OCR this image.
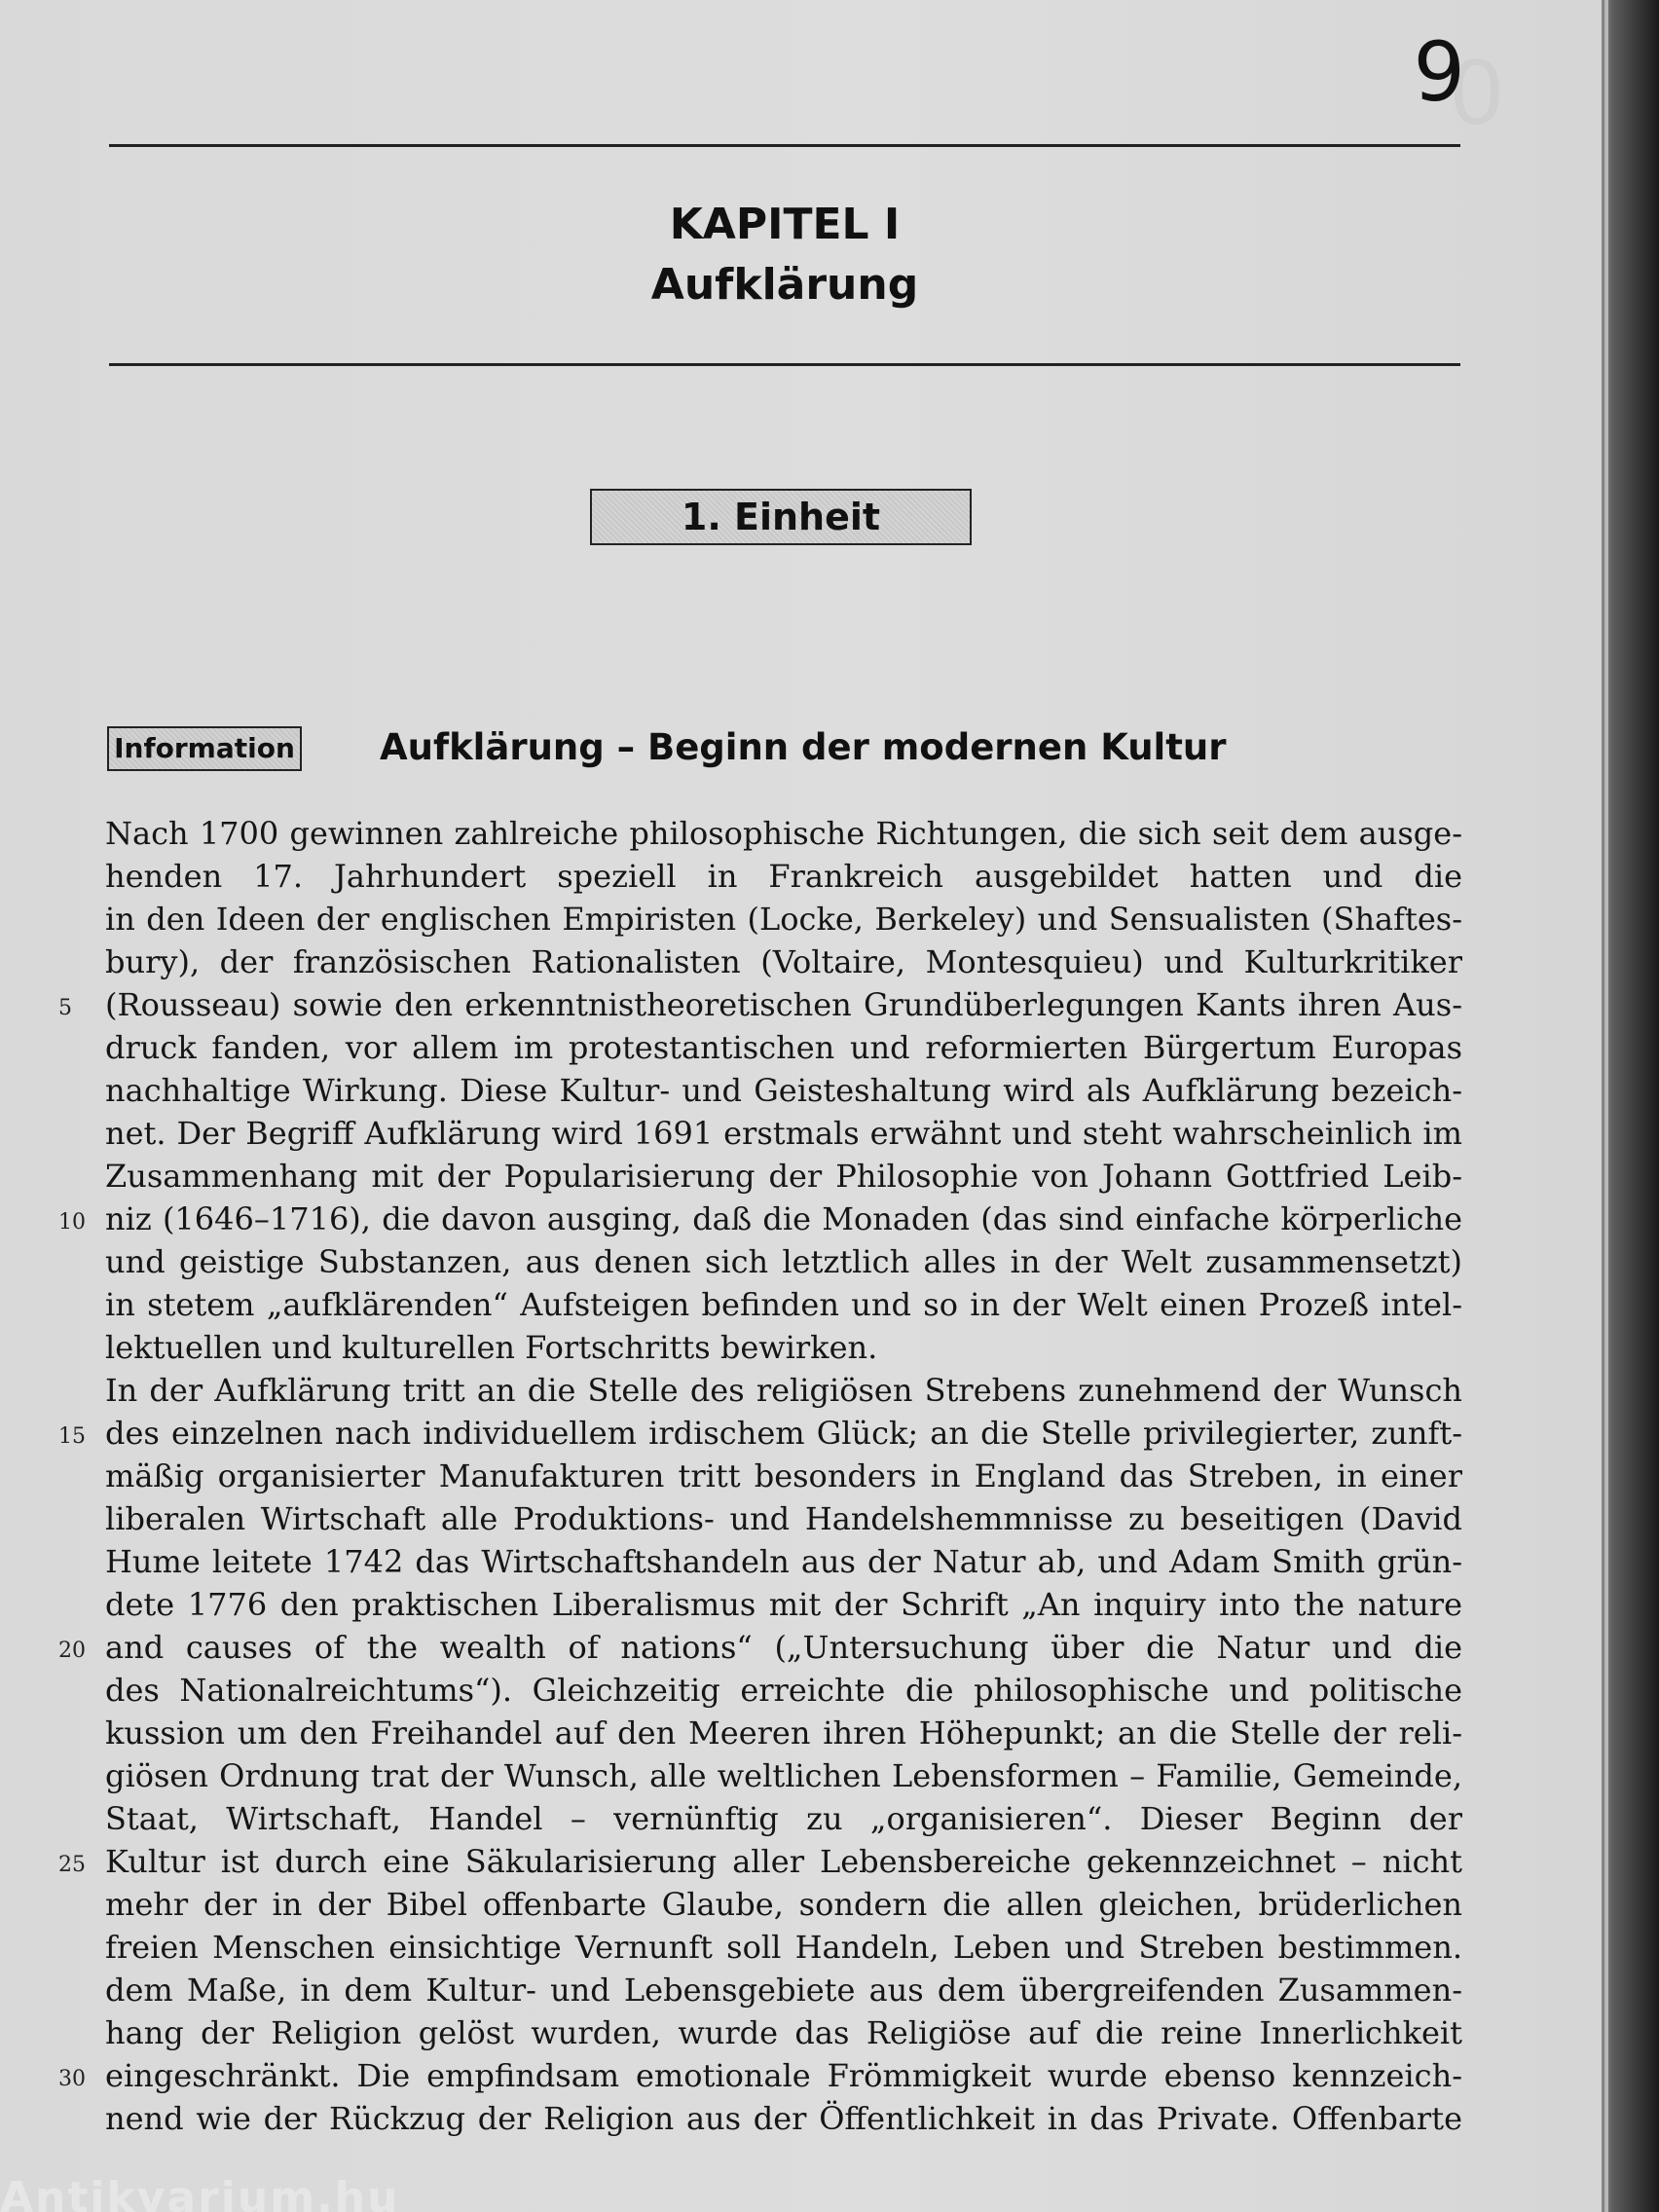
0
9
KAPITEL I
Aufklärung
1. Einheit
Information Aufklärung – Beginn der modernen Kultur
Nach 1700 gewinnen zahlreiche philosophische Richtungen, die sich seit dem ausge-
henden 17. Jahrhundert speziell in Frankreich ausgebildet hatten und die
in den Ideen der englischen Empiristen (Locke, Berkeley) und Sensualisten (Shaftes-
bury), der französischen Rationalisten (Voltaire, Montesquieu) und Kulturkritiker
5	(Rousseau) sowie den erkenntnistheoretischen Grundüberlegungen Kants ihren Aus-
druck fanden, vor allem im protestantischen und reformierten Bürgertum Europas
nachhaltige Wirkung. Diese Kultur- und Geisteshaltung wird als Aufklärung bezeich-
net. Der Begriff Aufklärung wird 1691 erstmals erwähnt und steht wahrscheinlich im
Zusammenhang mit der Popularisierung der Philosophie von Johann Gottfried Leib-
10 niz (1646–1716), die davon ausging, daß die Monaden (das sind einfache körperliche
und geistige Substanzen, aus denen sich letztlich alles in der Welt zusammensetzt)
in stetem „aufklärenden“ Aufsteigen befinden und so in der Welt einen Prozeß intel-
lektuellen und kulturellen Fortschritts bewirken.
In der Aufklärung tritt an die Stelle des religiösen Strebens zunehmend der Wunsch
15 des einzelnen nach individuellem irdischem Glück; an die Stelle privilegierter, zunft-
mäßig organisierter Manufakturen tritt besonders in England das Streben, in einer
liberalen Wirtschaft alle Produktions- und Handelshemmnisse zu beseitigen (David
Hume leitete 1742 das Wirtschaftshandeln aus der Natur ab, und Adam Smith grün-
dete 1776 den praktischen Liberalismus mit der Schrift „An inquiry into the nature
20 and causes of the wealth of nations“ („Untersuchung über die Natur und die
des Nationalreichtums“). Gleichzeitig erreichte die philosophische und politische
kussion um den Freihandel auf den Meeren ihren Höhepunkt; an die Stelle der reli-
giösen Ordnung trat der Wunsch, alle weltlichen Lebensformen – Familie, Gemeinde,
Staat, Wirtschaft, Handel – vernünftig zu „organisieren“. Dieser Beginn der
25 Kultur ist durch eine Säkularisierung aller Lebensbereiche gekennzeichnet – nicht
mehr der in der Bibel offenbarte Glaube, sondern die allen gleichen, brüderlichen
freien Menschen einsichtige Vernunft soll Handeln, Leben und Streben bestimmen.
dem Maße, in dem Kultur- und Lebensgebiete aus dem übergreifenden Zusammen-
hang der Religion gelöst wurden, wurde das Religiöse auf die reine Innerlichkeit
30 eingeschränkt. Die empfindsam emotionale Frömmigkeit wurde ebenso kennzeich-
nend wie der Rückzug der Religion aus der Öffentlichkeit in das Private. Offenbarte
Antikvarium.hu
